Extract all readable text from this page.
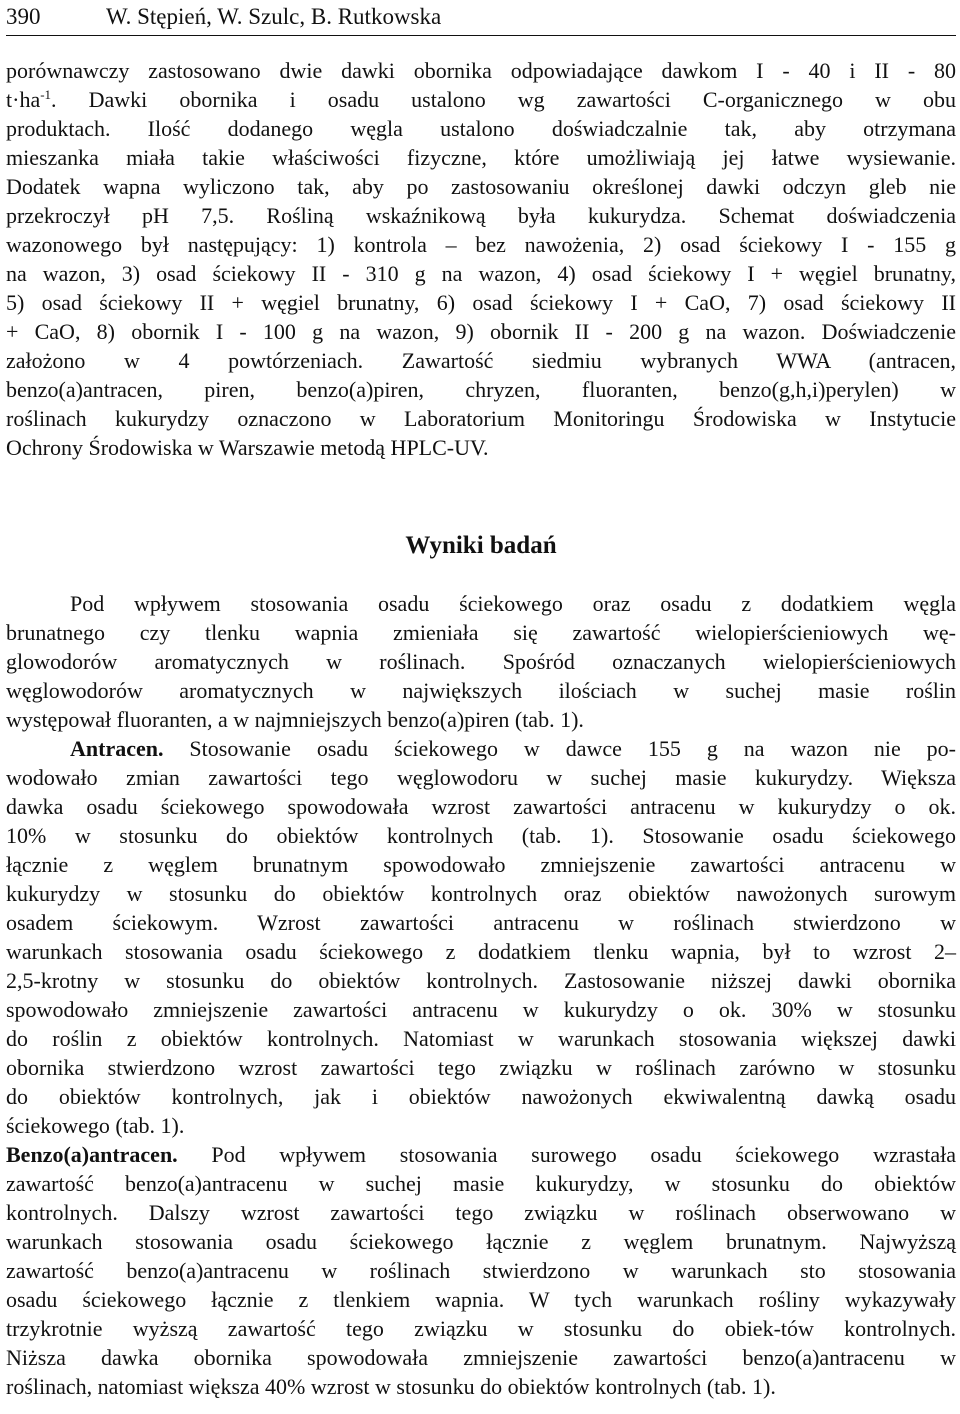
390	W. Stępień, W. Szulc, B. Rutkowska
porównawczy zastosowano dwie dawki obornika odpowiadające dawkom I - 40 i II - 80
$t\cdot ha^{-1}$. Dawki obornika i osadu ustalono wg zawartości C-organicznego w obu
produktach. Ilość dodanego węgla ustalono doświadczalnie tak, aby otrzymana
mieszanka miała takie właściwości fizyczne, które umożliwiają jej łatwe wysiewanie.
Dodatek wapna wyliczono tak, aby po zastosowaniu określonej dawki odczyn gleb nie
przekroczył pH 7,5. Rośliną wskaźnikową była kukurydza. Schemat doświadczenia
wazonowego był następujący: 1) kontrola – bez nawożenia, 2) osad ściekowy I - 155 g
na wazon, 3) osad ściekowy II - 310 g na wazon, 4) osad ściekowy I + węgiel brunatny,
5) osad ściekowy II + węgiel brunatny, 6) osad ściekowy I + CaO, 7) osad ściekowy II
+ CaO, 8) obornik I - 100 g na wazon, 9) obornik II - 200 g na wazon. Doświadczenie
założono w 4 powtórzeniach. Zawartość siedmiu wybranych WWA (antracen,
benzo(a)antracen, piren, benzo(a)piren, chryzen, fluoranten, benzo(g,h,i)perylen) w
roślinach kukurydzy oznaczono w Laboratorium Monitoringu Środowiska w Instytucie
Ochrony Środowiska w Warszawie metodą HPLC-UV.
Wyniki badań
Pod wpływem stosowania osadu ściekowego oraz osadu z dodatkiem węgla
brunatnego czy tlenku wapnia zmieniała się zawartość wielopierścieniowych wę-
glowodorów aromatycznych w roślinach. Spośród oznaczanych wielopierścieniowych
węglowodorów aromatycznych w największych ilościach w suchej masie roślin
występował fluoranten, a w najmniejszych benzo(a)piren (tab. 1).
Antracen. Stosowanie osadu ściekowego w dawce 155 g na wazon nie po-
wodowało zmian zawartości tego węglowodoru w suchej masie kukurydzy. Większa
dawka osadu ściekowego spowodowała wzrost zawartości antracenu w kukurydzy o ok.
10% w stosunku do obiektów kontrolnych (tab. 1). Stosowanie osadu ściekowego
łącznie z węglem brunatnym spowodowało zmniejszenie zawartości antracenu w
kukurydzy w stosunku do obiektów kontrolnych oraz obiektów nawożonych surowym
osadem ściekowym. Wzrost zawartości antracenu w roślinach stwierdzono w
warunkach stosowania osadu ściekowego z dodatkiem tlenku wapnia, był to wzrost 2–
2,5-krotny w stosunku do obiektów kontrolnych. Zastosowanie niższej dawki obornika
spowodowało zmniejszenie zawartości antracenu w kukurydzy o ok. 30% w stosunku
do roślin z obiektów kontrolnych. Natomiast w warunkach stosowania większej dawki
obornika stwierdzono wzrost zawartości tego związku w roślinach zarówno w stosunku
do obiektów kontrolnych, jak i obiektów nawożonych ekwiwalentną dawką osadu
ściekowego (tab. 1).
Benzo(a)antracen. Pod wpływem stosowania surowego osadu ściekowego wzrastała
zawartość benzo(a)antracenu w suchej masie kukurydzy, w stosunku do obiektów
kontrolnych. Dalszy wzrost zawartości tego związku w roślinach obserwowano w
warunkach stosowania osadu ściekowego łącznie z węglem brunatnym. Najwyższą
zawartość benzo(a)antracenu w roślinach stwierdzono w warunkach sto stosowania
osadu ściekowego łącznie z tlenkiem wapnia. W tych warunkach rośliny wykazywały
trzykrotnie wyższą zawartość tego związku w stosunku do obiek-tów kontrolnych.
Niższa dawka obornika spowodowała zmniejszenie zawartości benzo(a)antracenu w
roślinach, natomiast większa 40% wzrost w stosunku do obiektów kontrolnych (tab. 1).
